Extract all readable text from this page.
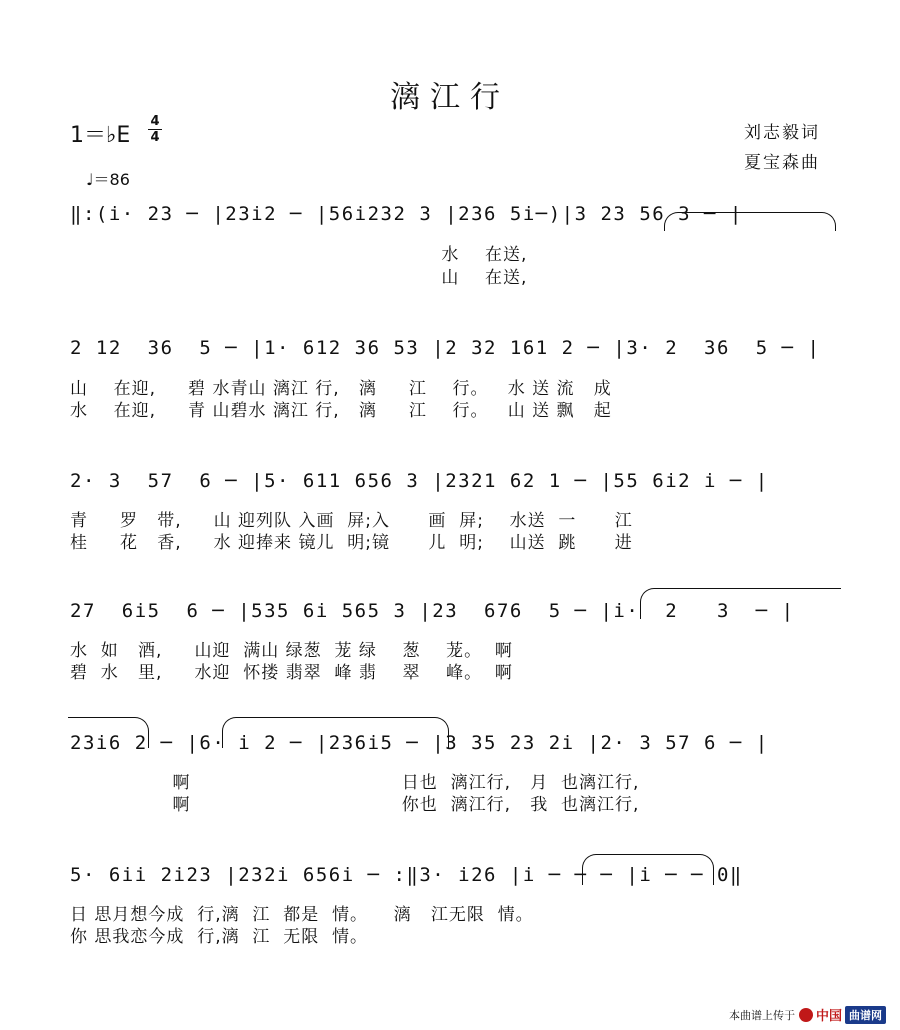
漓江行
1＝♭E
4
4
♩＝86
刘志毅词
夏宝森曲
‖:(i· 23 ─ |23i2 ─ |56i232 3 |236 5i─)|3 23 56 3 ─ |
水    在送,
山    在送,
2 12  36  5 ─ |1· 612 36 53 |2 32 161 2 ─ |3· 2  36  5 ─ |
山    在迎,     碧 水青山 漓江 行,   漓     江    行。   水 送 流   成
水    在迎,     青 山碧水 漓江 行,   漓     江    行。   山 送 飘   起
2· 3  57  6 ─ |5· 611 656 3 |2321 62 1 ─ |55 6i2 i ─ |
青     罗   带,     山 迎列队 入画  屏;入      画  屏;    水送  一      江
桂     花   香,     水 迎捧来 镜儿  明;镜      儿  明;    山送  跳      进
27  6i5  6 ─ |535 6i 565 3 |23  676  5 ─ |i·  2   3  ─ |
水  如   酒,     山迎  满山 绿葱  茏 绿    葱    茏。  啊
碧  水   里,     水迎  怀搂 翡翠  峰 翡    翠    峰。  啊
23i6 2 ─ |6· i 2 ─ |236i5 ─ |3 35 23 2i |2· 3 57 6 ─ |
啊                                 日也  漓江行,   月  也漓江行,
啊                                 你也  漓江行,   我  也漓江行,
5· 6ii 2i23 |232i 656i ─ :‖3· i26 |i ─ ─ ─ |i ─ ─ 0‖
日 思月想今成  行,漓  江  都是  情。    漓   江无限  情。
你 思我恋今成  行,漓  江  无限  情。
本曲谱上传于 中国 曲谱网
